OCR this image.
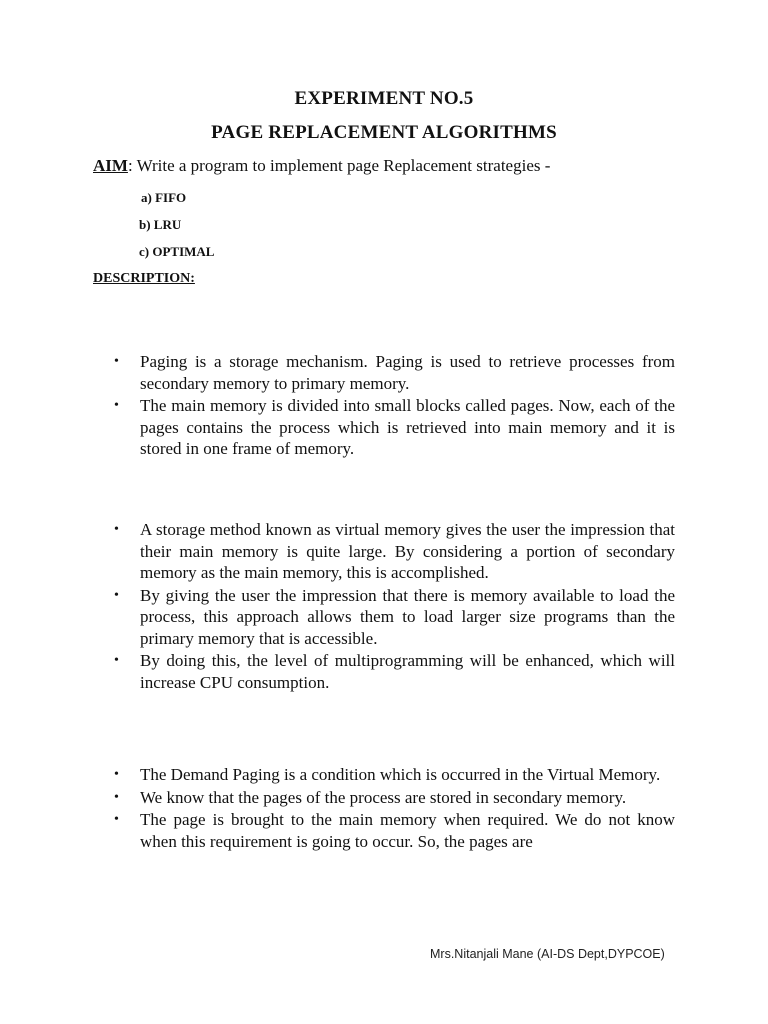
EXPERIMENT NO.5
PAGE REPLACEMENT ALGORITHMS
AIM: Write a program to implement page Replacement strategies -
a) FIFO
b) LRU
c) OPTIMAL
DESCRIPTION:
• Paging is a storage mechanism. Paging is used to retrieve processes from secondary memory to primary memory.
• The main memory is divided into small blocks called pages. Now, each of the pages contains the process which is retrieved into main memory and it is stored in one frame of memory.
• A storage method known as virtual memory gives the user the impression that their main memory is quite large. By considering a portion of secondary memory as the main memory, this is accomplished.
• By giving the user the impression that there is memory available to load the process, this approach allows them to load larger size programs than the primary memory that is accessible.
• By doing this, the level of multiprogramming will be enhanced, which will increase CPU consumption.
• The Demand Paging is a condition which is occurred in the Virtual Memory.
• We know that the pages of the process are stored in secondary memory.
• The page is brought to the main memory when required. We do not know when this requirement is going to occur. So, the pages are
Mrs.Nitanjali Mane (AI-DS Dept,DYPCOE)
